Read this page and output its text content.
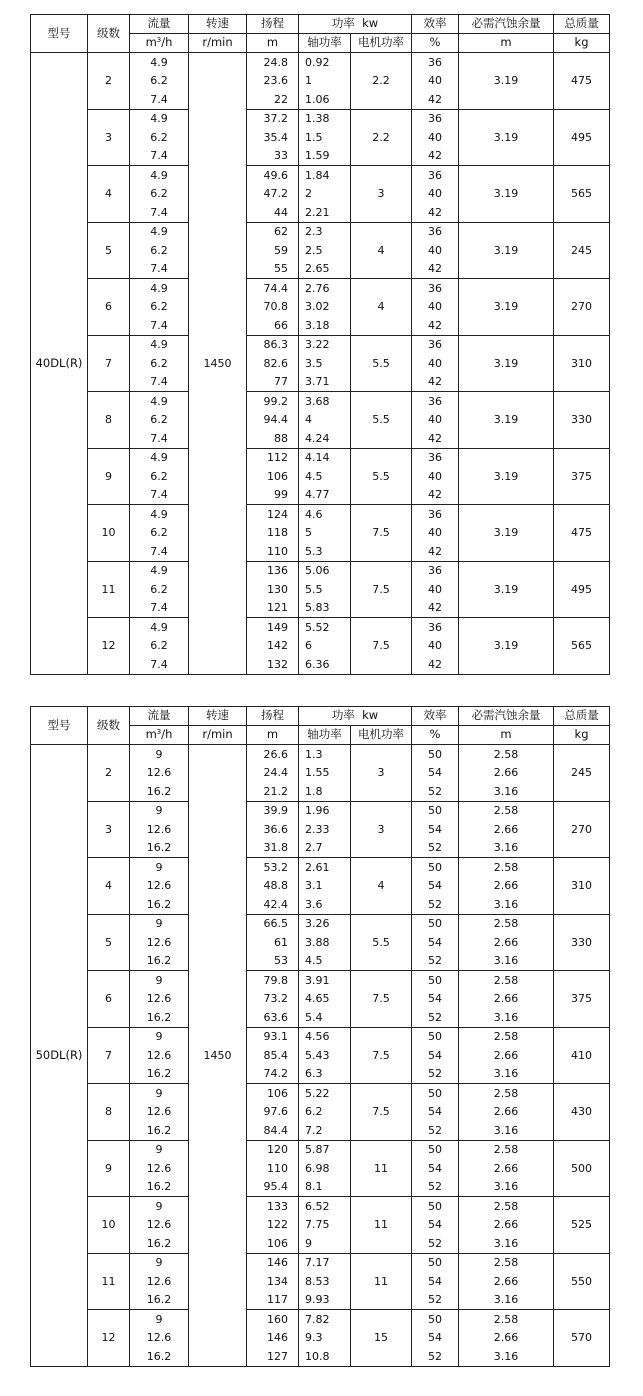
型号	级数	流量	转速	扬程	功率  kw		效率	必需汽蚀余量	总质量
		$m^3/h$	r/min	m	轴功率	电机功率	%	m	kg
40DL(R)	2	4.9	1450	24.8	0.92	2.2	36	3.19	475
		6.2		23.6	1		40		
		7.4		22	1.06		42		
	3	4.9		37.2	1.38	2.2	36	3.19	495
		6.2		35.4	1.5		40		
		7.4		33	1.59		42		
	4	4.9		49.6	1.84	3	36	3.19	565
		6.2		47.2	2		40		
		7.4		44	2.21		42		
	5	4.9		62	2.3	4	36	3.19	245
		6.2		59	2.5		40		
		7.4		55	2.65		42		
	6	4.9		74.4	2.76	4	36	3.19	270
		6.2		70.8	3.02		40		
		7.4		66	3.18		42		
	7	4.9		86.3	3.22	5.5	36	3.19	310
		6.2		82.6	3.5		40		
		7.4		77	3.71		42		
	8	4.9		99.2	3.68	5.5	36	3.19	330
		6.2		94.4	4		40		
		7.4		88	4.24		42		
	9	4.9		112	4.14	5.5	36	3.19	375
		6.2		106	4.5		40		
		7.4		99	4.77		42		
	10	4.9		124	4.6	7.5	36	3.19	475
		6.2		118	5		40		
		7.4		110	5.3		42		
	11	4.9		136	5.06	7.5	36	3.19	495
		6.2		130	5.5		40		
		7.4		121	5.83		42		
	12	4.9		149	5.52	7.5	36	3.19	565
		6.2		142	6		40		
		7.4		132	6.36		42		
型号	级数	流量	转速	扬程	功率  kw		效率	必需汽蚀余量	总质量
		$m^3/h$	r/min	m	轴功率	电机功率	%	m	kg
50DL(R)	2	9	1450	26.6	1.3	3	50	2.58	245
		12.6		24.4	1.55		54	2.66	
		16.2		21.2	1.8		52	3.16	
	3	9		39.9	1.96	3	50	2.58	270
		12.6		36.6	2.33		54	2.66	
		16.2		31.8	2.7		52	3.16	
	4	9		53.2	2.61	4	50	2.58	310
		12.6		48.8	3.1		54	2.66	
		16.2		42.4	3.6		52	3.16	
	5	9		66.5	3.26	5.5	50	2.58	330
		12.6		61	3.88		54	2.66	
		16.2		53	4.5		52	3.16	
	6	9		79.8	3.91	7.5	50	2.58	375
		12.6		73.2	4.65		54	2.66	
		16.2		63.6	5.4		52	3.16	
	7	9		93.1	4.56	7.5	50	2.58	410
		12.6		85.4	5.43		54	2.66	
		16.2		74.2	6.3		52	3.16	
	8	9		106	5.22	7.5	50	2.58	430
		12.6		97.6	6.2		54	2.66	
		16.2		84.4	7.2		52	3.16	
	9	9		120	5.87	11	50	2.58	500
		12.6		110	6.98		54	2.66	
		16.2		95.4	8.1		52	3.16	
	10	9		133	6.52	11	50	2.58	525
		12.6		122	7.75		54	2.66	
		16.2		106	9		52	3.16	
	11	9		146	7.17	11	50	2.58	550
		12.6		134	8.53		54	2.66	
		16.2		117	9.93		52	3.16	
	12	9		160	7.82	15	50	2.58	570
		12.6		146	9.3		54	2.66	
		16.2		127	10.8		52	3.16	
